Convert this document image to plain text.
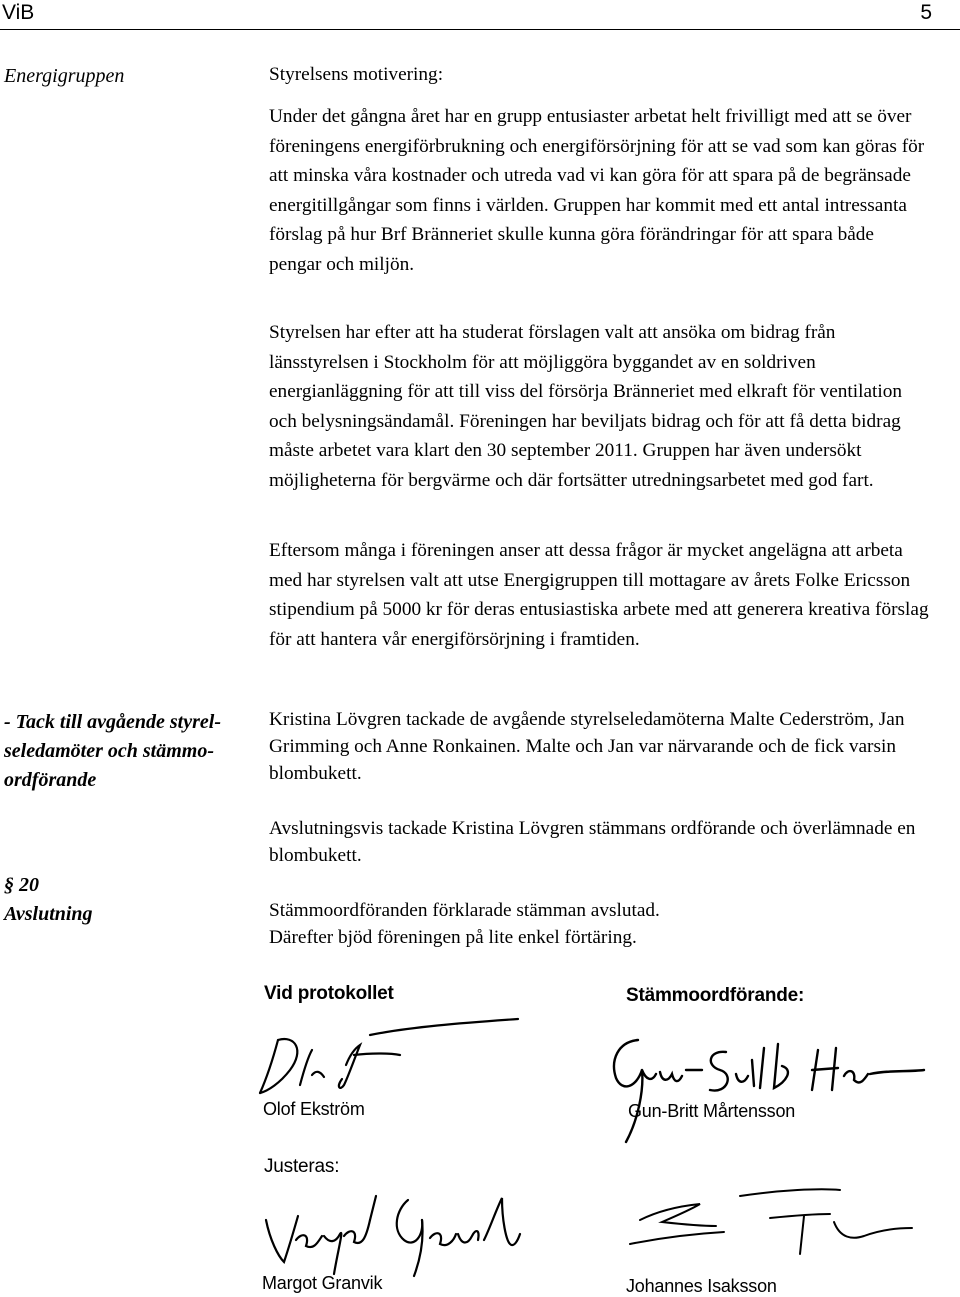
ViB	5
Energigruppen
- Tack till avgående styrel-
seledamöter och stämmo-
ordförande
§ 20
Avslutning

Styrelsens motivering:

Under det gångna året har en grupp entusiaster arbetat helt frivilligt med att se över föreningens energiförbrukning och energiförsörjning för att se vad som kan göras för att minska våra kostnader och utreda vad vi kan göra för att spara på de begränsade energitillgångar som finns i världen. Gruppen har kommit med ett antal intressanta förslag på hur Brf Bränneriet skulle kunna göra förändringar för att spara både pengar och miljön.

Styrelsen har efter att ha studerat förslagen valt att ansöka om bidrag från länsstyrelsen i Stockholm för att möjliggöra byggandet av en soldriven energianläggning för att till viss del försörja Bränneriet med elkraft för ventilation och belysningsändamål. Föreningen har beviljats bidrag och för att få detta bidrag måste arbetet vara klart den 30 september 2011. Gruppen har även undersökt möjligheterna för bergvärme och där fortsätter utredningsarbetet med god fart.

Eftersom många i föreningen anser att dessa frågor är mycket angelägna att arbeta med har styrelsen valt att utse Energigruppen till mottagare av årets Folke Ericsson stipendium på 5000 kr för deras entusiastiska arbete med att generera kreativa förslag för att hantera vår energiförsörjning i framtiden.

Kristina Lövgren tackade de avgående styrelseledamöterna Malte Cederström, Jan Grimming och Anne Ronkainen. Malte och Jan var närvarande och de fick varsin blombukett.

Avslutningsvis tackade Kristina Lövgren stämmans ordförande och överlämnade en blombukett.

Stämmoordföranden förklarade stämman avslutad.

Därefter bjöd föreningen på lite enkel förtäring.

Vid protokollet	Stämmoordförande:
Olof Ekström	Gun-Britt Mårtensson
Justeras:
Margot Granvik	Johannes Isaksson
